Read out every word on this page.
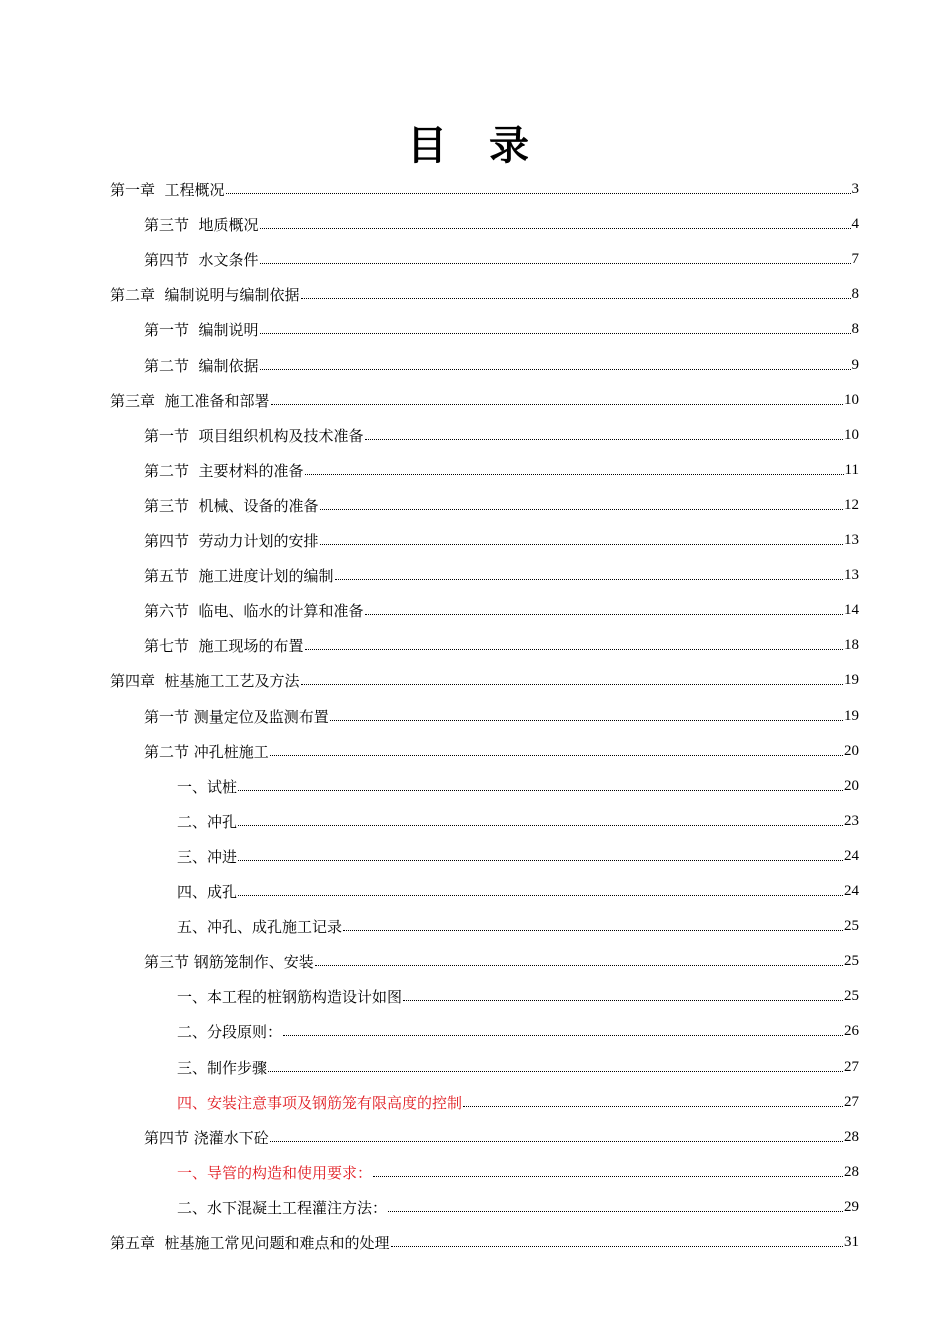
目 录
第一章  工程概况	3
第三节  地质概况	4
第四节  水文条件	7
第二章  编制说明与编制依据	8
第一节  编制说明	8
第二节  编制依据	9
第三章  施工准备和部署	10
第一节  项目组织机构及技术准备	10
第二节  主要材料的准备	11
第三节  机械、设备的准备	12
第四节  劳动力计划的安排	13
第五节  施工进度计划的编制	13
第六节  临电、临水的计算和准备	14
第七节  施工现场的布置	18
第四章  桩基施工工艺及方法	19
第一节 测量定位及监测布置	19
第二节 冲孔桩施工	20
一、试桩	20
二、冲孔	23
三、冲进	24
四、成孔	24
五、冲孔、成孔施工记录	25
第三节 钢筋笼制作、安装	25
一、本工程的桩钢筋构造设计如图	25
二、分段原则：	26
三、制作步骤	27
四、安装注意事项及钢筋笼有限高度的控制	27
第四节 浇灌水下砼	28
一、导管的构造和使用要求：	28
二、水下混凝土工程灌注方法：	29
第五章  桩基施工常见问题和难点和的处理	31
